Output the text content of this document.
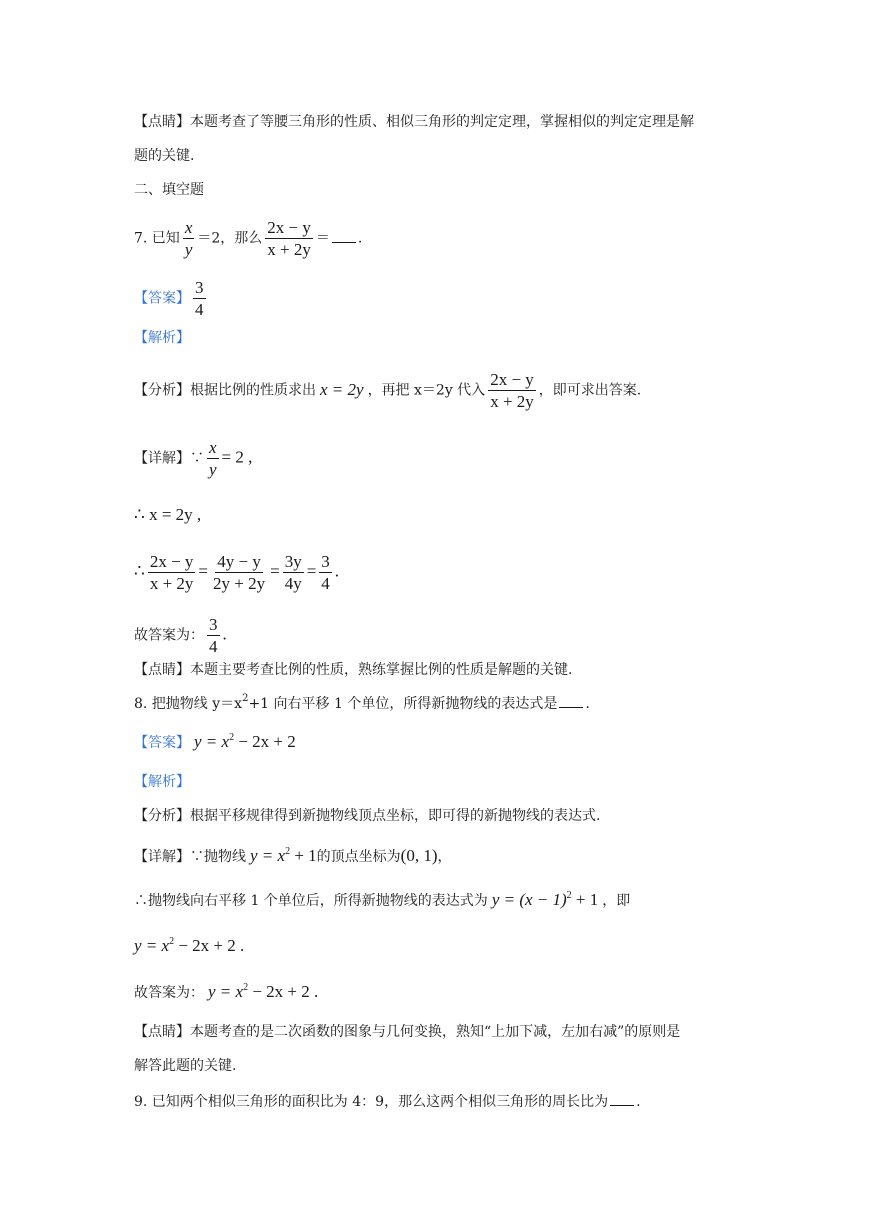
【点睛】本题考查了等腰三角形的性质、相似三角形的判定定理，掌握相似的判定定理是解
题的关键.
二、填空题
7. 已知 $\frac{x}{y} =2$，那么 $\frac{2x - y}{x + 2y}$ ＝ .
【答案】 $\frac{3}{4}$
【解析】
【分析】根据比例的性质求出 x = 2y ，再把 x＝2y 代入 $\frac{2x - y}{x + 2y}$ ，即可求出答案.
【详解】∵ $\frac{x}{y} = 2$ ,
∴ x = 2y ,
∴ $\frac{2x - y}{x + 2y} = \frac{4y - y}{2y + 2y} = \frac{3y}{4y} = \frac{3}{4}$ .
故答案为： $\frac{3}{4}$ .
【点睛】本题主要考查比例的性质，熟练掌握比例的性质是解题的关键.
8. 把抛物线 $y=x^2+1$ 向右平移 1 个单位，所得新抛物线的表达式是 .
【答案】 $y = x^2 - 2x + 2$
【解析】
【分析】根据平移规律得到新抛物线顶点坐标，即可得的新抛物线的表达式.
【详解】∵抛物线 $y = x^2 + 1$的顶点坐标为(0, 1)，
∴抛物线向右平移 1 个单位后，所得新抛物线的表达式为 $y = (x - 1)^2 + 1$ ，即
$y = x^2 - 2x + 2$ .
故答案为： $y = x^2 - 2x + 2$ .
【点睛】本题考查的是二次函数的图象与几何变换，熟知“上加下减，左加右减”的原则是
解答此题的关键.
9. 已知两个相似三角形的面积比为 4：9，那么这两个相似三角形的周长比为 .
